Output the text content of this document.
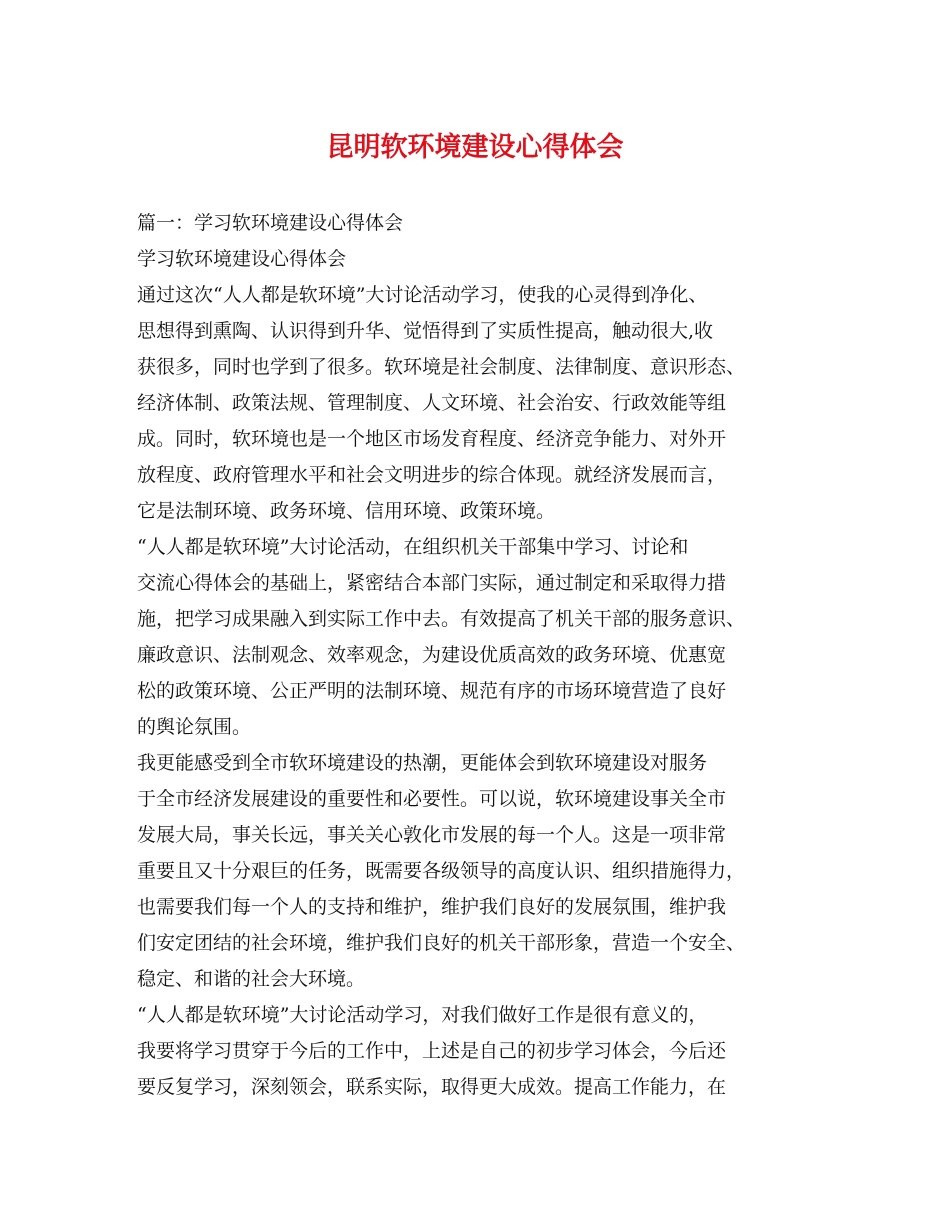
昆明软环境建设心得体会
篇一：学习软环境建设心得体会
学习软环境建设心得体会
通过这次“人人都是软环境”大讨论活动学习，使我的心灵得到净化、
思想得到熏陶、认识得到升华、觉悟得到了实质性提高，触动很大,收
获很多，同时也学到了很多。软环境是社会制度、法律制度、意识形态、
经济体制、政策法规、管理制度、人文环境、社会治安、行政效能等组
成。同时，软环境也是一个地区市场发育程度、经济竞争能力、对外开
放程度、政府管理水平和社会文明进步的综合体现。就经济发展而言，
它是法制环境、政务环境、信用环境、政策环境。
“人人都是软环境”大讨论活动，在组织机关干部集中学习、讨论和
交流心得体会的基础上，紧密结合本部门实际，通过制定和采取得力措
施，把学习成果融入到实际工作中去。有效提高了机关干部的服务意识、
廉政意识、法制观念、效率观念，为建设优质高效的政务环境、优惠宽
松的政策环境、公正严明的法制环境、规范有序的市场环境营造了良好
的舆论氛围。
我更能感受到全市软环境建设的热潮，更能体会到软环境建设对服务
于全市经济发展建设的重要性和必要性。可以说，软环境建设事关全市
发展大局，事关长远，事关关心敦化市发展的每一个人。这是一项非常
重要且又十分艰巨的任务，既需要各级领导的高度认识、组织措施得力，
也需要我们每一个人的支持和维护，维护我们良好的发展氛围，维护我
们安定团结的社会环境，维护我们良好的机关干部形象，营造一个安全、
稳定、和谐的社会大环境。
“人人都是软环境”大讨论活动学习，对我们做好工作是很有意义的，
我要将学习贯穿于今后的工作中，上述是自己的初步学习体会，今后还
要反复学习，深刻领会，联系实际，取得更大成效。提高工作能力，在
